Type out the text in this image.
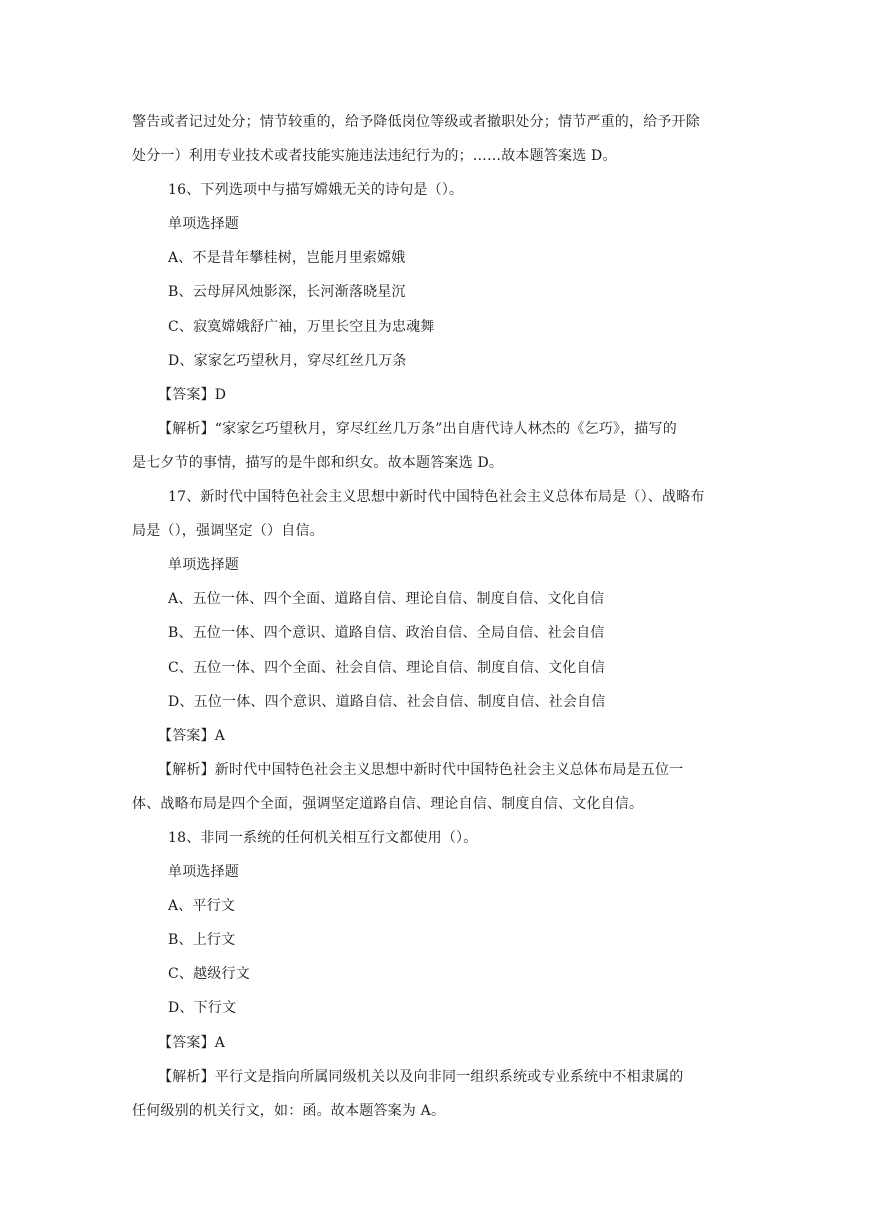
警告或者记过处分；情节较重的，给予降低岗位等级或者撤职处分；情节严重的，给予开除
处分一）利用专业技术或者技能实施违法违纪行为的；……故本题答案选 D。
16、下列选项中与描写嫦娥无关的诗句是（）。
单项选择题
A、不是昔年攀桂树，岂能月里索嫦娥
B、云母屏风烛影深，长河渐落晓星沉
C、寂寞嫦娥舒广袖，万里长空且为忠魂舞
D、家家乞巧望秋月，穿尽红丝几万条
【答案】D
【解析】“家家乞巧望秋月，穿尽红丝几万条”出自唐代诗人林杰的《乞巧》，描写的
是七夕节的事情，描写的是牛郎和织女。故本题答案选 D。
17、新时代中国特色社会主义思想中新时代中国特色社会主义总体布局是（）、战略布
局是（），强调坚定（）自信。
单项选择题
A、五位一体、四个全面、道路自信、理论自信、制度自信、文化自信
B、五位一体、四个意识、道路自信、政治自信、全局自信、社会自信
C、五位一体、四个全面、社会自信、理论自信、制度自信、文化自信
D、五位一体、四个意识、道路自信、社会自信、制度自信、社会自信
【答案】A
【解析】新时代中国特色社会主义思想中新时代中国特色社会主义总体布局是五位一
体、战略布局是四个全面，强调坚定道路自信、理论自信、制度自信、文化自信。
18、非同一系统的任何机关相互行文都使用（）。
单项选择题
A、平行文
B、上行文
C、越级行文
D、下行文
【答案】A
【解析】平行文是指向所属同级机关以及向非同一组织系统或专业系统中不相隶属的
任何级别的机关行文，如：函。故本题答案为 A。
